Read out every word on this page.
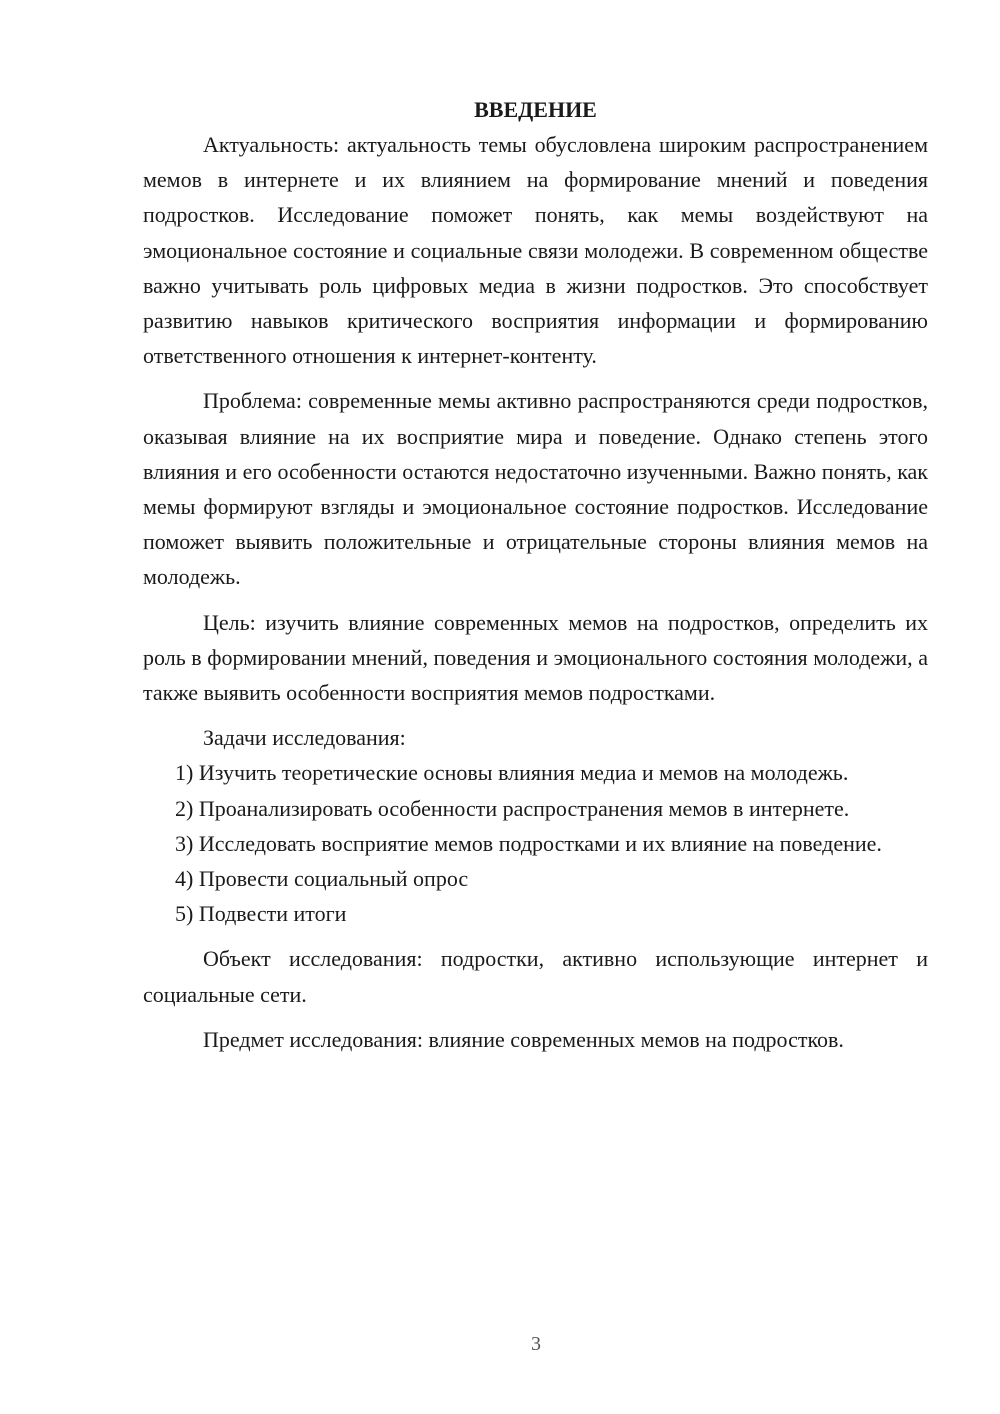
ВВЕДЕНИЕ

Актуальность: актуальность темы обусловлена широким распространением мемов в интернете и их влиянием на формирование мнений и поведения подростков. Исследование поможет понять, как мемы воздействуют на эмоциональное состояние и социальные связи молодежи. В современном обществе важно учитывать роль цифровых медиа в жизни подростков. Это способствует развитию навыков критического восприятия информации и формированию ответственного отношения к интернет-контенту.

Проблема: современные мемы активно распространяются среди подростков, оказывая влияние на их восприятие мира и поведение. Однако степень этого влияния и его особенности остаются недостаточно изученными. Важно понять, как мемы формируют взгляды и эмоциональное состояние подростков. Исследование поможет выявить положительные и отрицательные стороны влияния мемов на молодежь.

Цель: изучить влияние современных мемов на подростков, определить их роль в формировании мнений, поведения и эмоционального состояния молодежи, а также выявить особенности восприятия мемов подростками.

Задачи исследования:

1) Изучить теоретические основы влияния медиа и мемов на молодежь.

2) Проанализировать особенности распространения мемов в интернете.

3) Исследовать восприятие мемов подростками и их влияние на поведение.

4) Провести социальный опрос

5) Подвести итоги

Объект исследования: подростки, активно использующие интернет и социальные сети.

Предмет исследования: влияние современных мемов на подростков.

3
